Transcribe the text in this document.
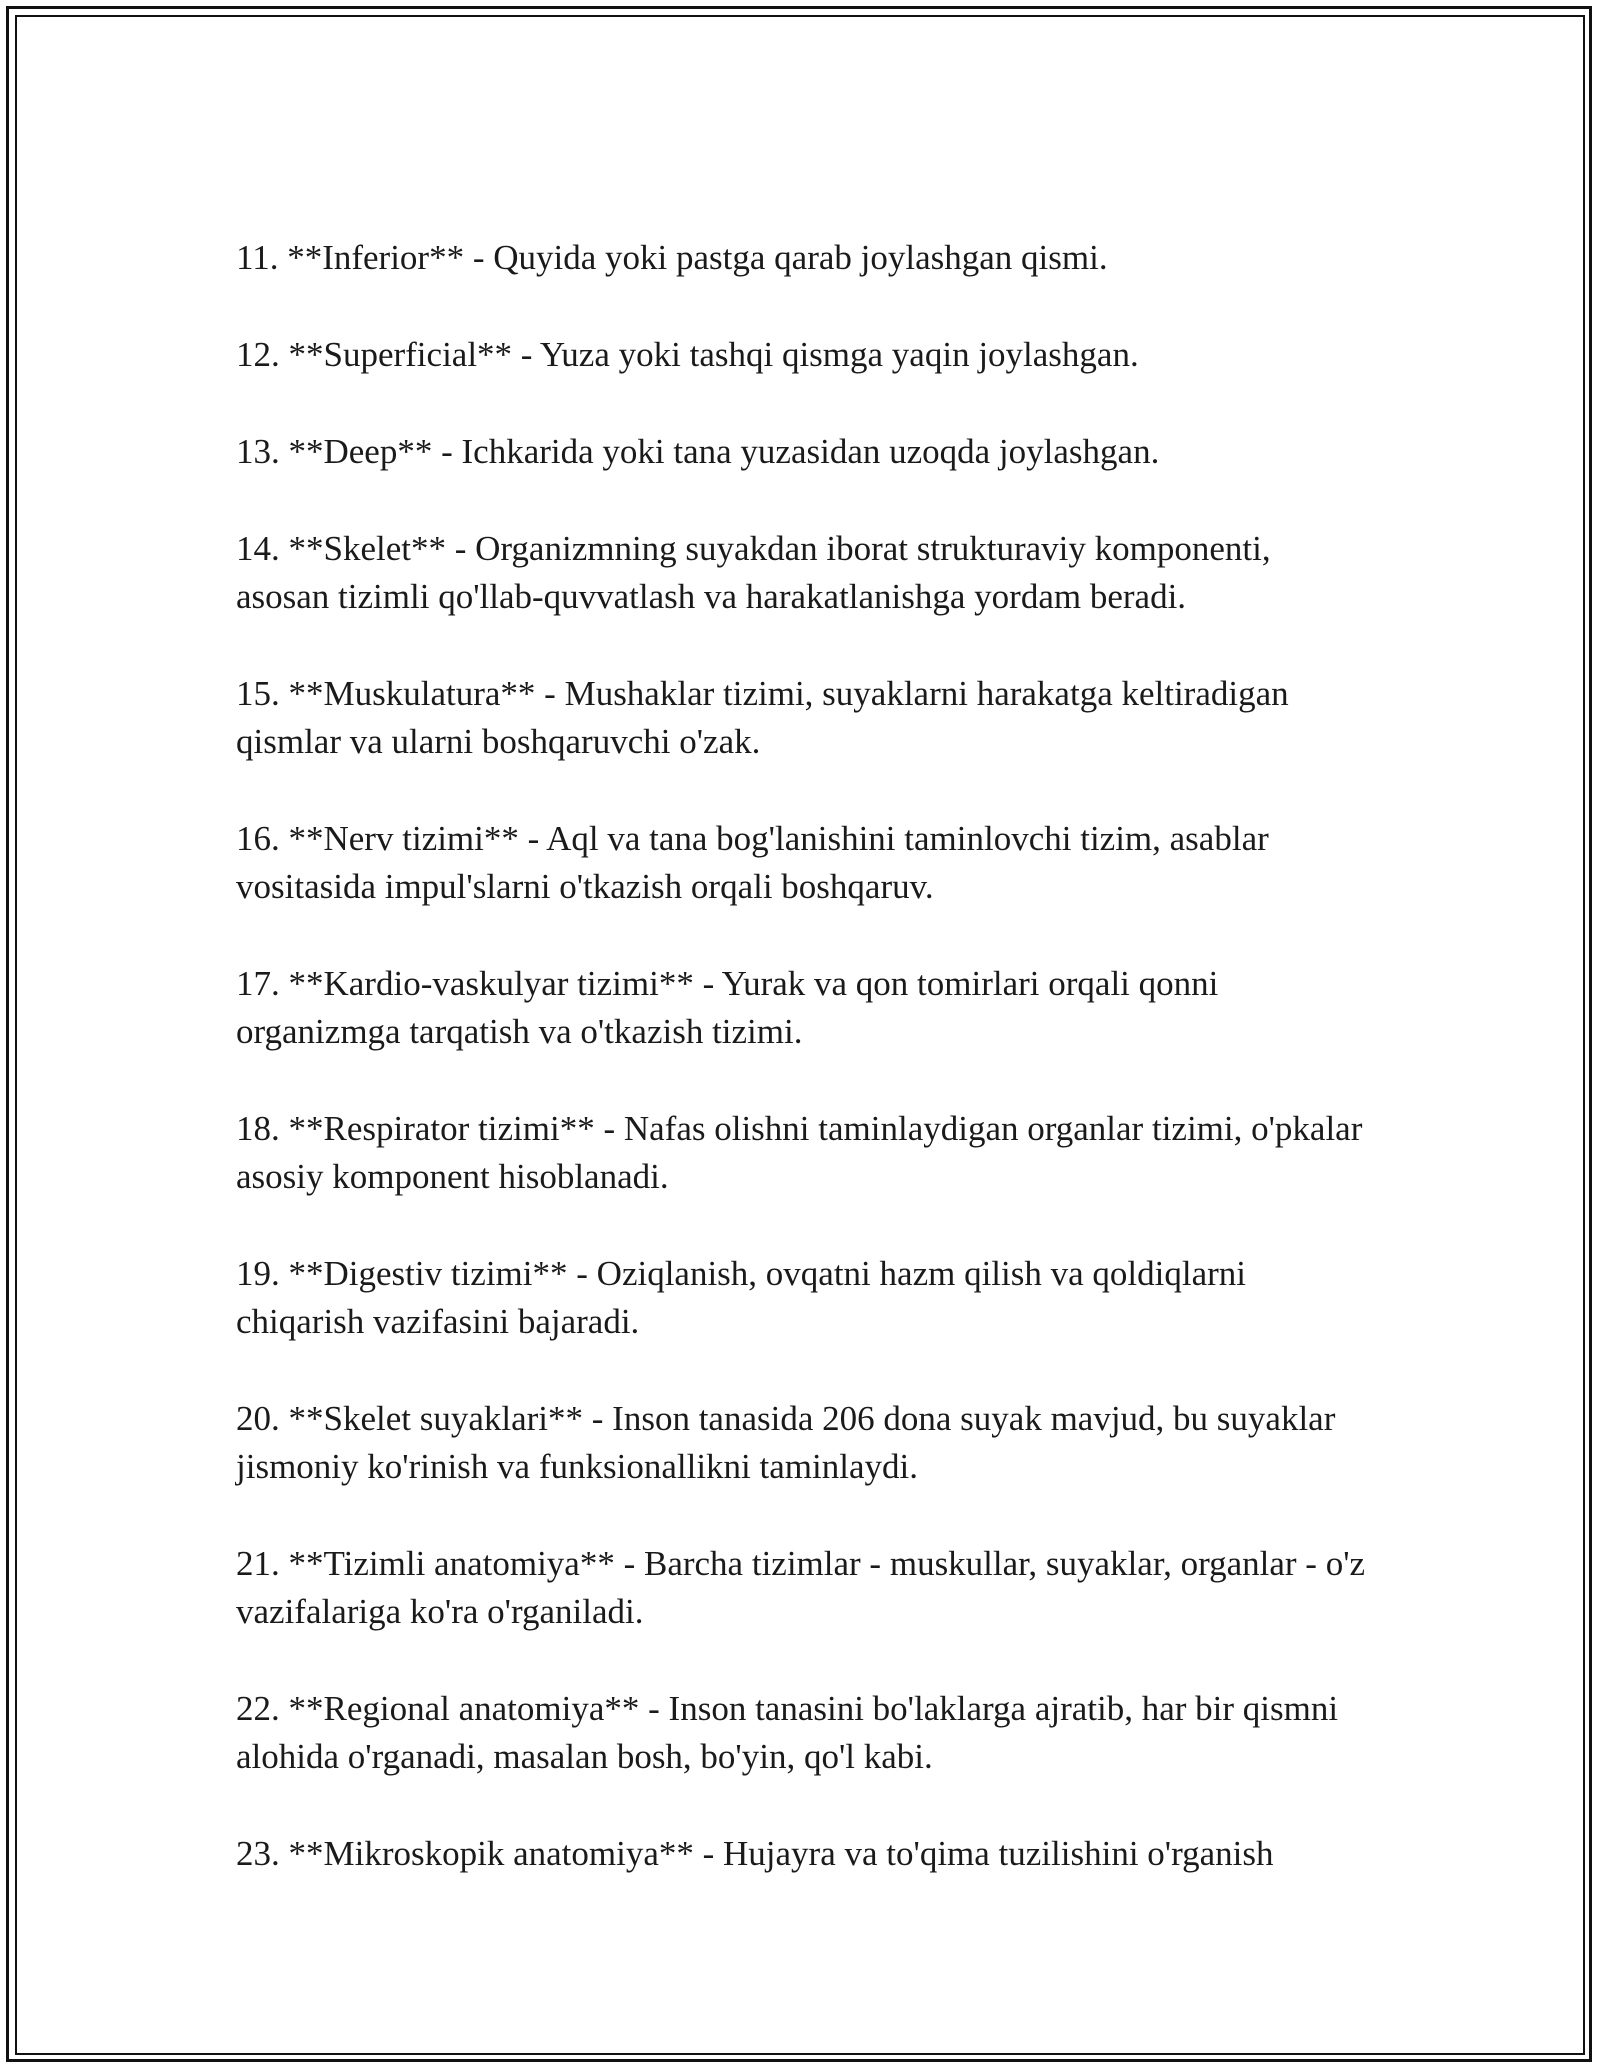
11. **Inferior** - Quyida yoki pastga qarab joylashgan qismi.
12. **Superficial** - Yuza yoki tashqi qismga yaqin joylashgan.
13. **Deep** - Ichkarida yoki tana yuzasidan uzoqda joylashgan.
14. **Skelet** - Organizmning suyakdan iborat strukturaviy komponenti, asosan tizimli qo'llab-quvvatlash va harakatlanishga yordam beradi.
15. **Muskulatura** - Mushaklar tizimi, suyaklarni harakatga keltiradigan qismlar va ularni boshqaruvchi o'zak.
16. **Nerv tizimi** - Aql va tana bog'lanishini taminlovchi tizim, asablar vositasida impul'slarni o'tkazish orqali boshqaruv.
17. **Kardio-vaskulyar tizimi** - Yurak va qon tomirlari orqali qonni organizmga tarqatish va o'tkazish tizimi.
18. **Respirator tizimi** - Nafas olishni taminlaydigan organlar tizimi, o'pkalar asosiy komponent hisoblanadi.
19. **Digestiv tizimi** - Oziqlanish, ovqatni hazm qilish va qoldiqlarni chiqarish vazifasini bajaradi.
20. **Skelet suyaklari** - Inson tanasida 206 dona suyak mavjud, bu suyaklar jismoniy ko'rinish va funksionallikni taminlaydi.
21. **Tizimli anatomiya** - Barcha tizimlar - muskullar, suyaklar, organlar - o'z vazifalariga ko'ra o'rganiladi.
22. **Regional anatomiya** - Inson tanasini bo'laklarga ajratib, har bir qismni alohida o'rganadi, masalan bosh, bo'yin, qo'l kabi.
23. **Mikroskopik anatomiya** - Hujayra va to'qima tuzilishini o'rganish
